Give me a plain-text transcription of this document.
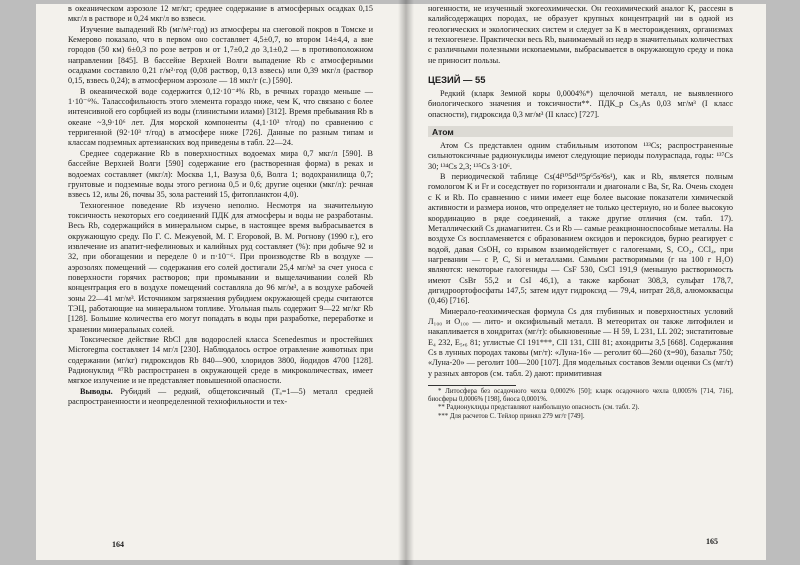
в океаническом аэрозоле 12 мг/кг; среднее содержание в атмосферных осадках 0,15 мкг/л в растворе и 0,24 мкг/л во взвеси.

Изучение выпадений Rb (мг/м²·год) из атмосферы на снеговой покров в Томске и Кемерово показало, что в первом оно составляет 4,5±0,7, во втором 14±4,4, а вне городов (50 км) 6±0,3 по розе ветров и от 1,7±0,2 до 3,1±0,2 — в противоположном направлении [845]. В бассейне Верхней Волги выпадение Rb с атмосферными осадками составило 0,21 г/м²·год (0,08 раствор, 0,13 взвесь) или 0,39 мкг/л (раствор 0,15, взвесь 0,24); в атмосферном аэрозоле — 18 мкг/г (с.) [590].

В океанической воде содержится 0,12·10⁻⁴% Rb, в речных гораздо меньше — 1·10⁻⁶%. Талассофильность этого элемента гораздо ниже, чем K, что связано с более интенсивной его сорбцией из воды (глинистыми илами) [312]. Время пребывания Rb в океане ~3,9·10⁶ лет. Для морской компоненты (4,1·10³ т/год) по сравнению с терригенной (92·10³ т/год) в атмосфере ниже [726]. Данные по разным типам и классам подземных артезианских вод приведены в табл. 22—24.

Среднее содержание Rb в поверхностных водоемах мира 0,7 мкг/л [590]. В бассейне Верхней Волги [590] содержание его (растворенная форма) в реках и водоемах составляет (мкг/л): Москва 1,1, Вазуза 0,6, Волга 1; водохранилища 0,7; грунтовые и подземные воды этого региона 0,5 и 0,6; другие оценки (мкг/л): речная взвесь 12, илы 26, почвы 35, зола растений 15, фитопланктон 4,0).

Техногенное поведение Rb изучено неполно. Несмотря на значительную токсичность некоторых его соединений ПДК для атмосферы и воды не разработаны. Весь Rb, содержащийся в минеральном сырье, в настоящее время выбрасывается в окружающую среду. По Г. С. Межуевой, М. Г. Егоровой, В. М. Рогнову (1990 г.), его извлечение из апатит-нефелиновых и калийных руд составляет (%): при добыче 92 и 32, при обогащении и переделе 0 и п·10⁻⁶. При производстве Rb в воздухе — аэрозолях помещений — содержания его солей достигали 25,4 мг/м³ за счет уноса с поверхности горячих растворов; при промывании и выщелачивании солей Rb концентрация его в воздухе помещений составляла до 96 мг/м³, а в воздухе рабочей зоны 22—41 мг/м³. Источником загрязнения рубидием окружающей среды считаются ТЭЦ, работающие на минеральном топливе. Угольная пыль содержит 9—22 мг/кг Rb [128]. Большие количества его могут попадать в воды при разработке, переработке и хранении минеральных солей.

Токсическое действие RbCl для водорослей класса Scenedesmus и простейших Microregma составляет 14 мг/л [230]. Наблюдалось острое отравление животных при содержании (мг/кг) гидроксидов Rb 840—900, хлоридов 3800, йодидов 4700 [128]. Радионуклид ⁸⁷Rb распространен в окружающей среде в микроколичествах, имеет мягкое излучение и не представляет повышенной опасности.

Выводы. Рубидий — редкий, общетоксичный (Tₐ=1—5) металл средней распространенности и неопределенной технофильности и тех-

164

ногенности, не изученный экогеохимически. Он геохимический аналог K, рассеян в калийсодержащих породах, не образует крупных концентраций ни в одной из геологических и экологических систем и следует за K в месторождениях, организмах и техногенезе. Практически весь Rb, вынимаемый из недр в значительных количествах с различными полезными ископаемыми, выбрасывается в окружающую среду и пока не приносит пользы.

ЦЕЗИЙ — 55

Редкий (кларк Земной коры 0,0004%*) щелочной металл, не выявленного биологического значения и токсичности**. ПДК_р Cs₃As 0,03 мг/м³ (I класс опасности), гидроксида 0,3 мг/м³ (II класс) [727].

Атом

Атом Cs представлен одним стабильным изотопом ¹³³Cs; распространенные сильнотоксичные радионуклиды имеют следующие периоды полураспада, годы: ¹³⁷Cs 30; ¹³⁴Cs 2,3; ¹³⁵Cs 3·10⁶.

В периодической таблице Cs(4f¹⁰5d¹⁰5p⁶5s²6s¹), как и Rb, является полным гомологом K и Fr и соседствует по горизонтали и диагонали с Ba, Sr, Ra. Очень сходен с K и Rb. По сравнению с ними имеет еще более высокие показатели химической активности и размера ионов, что определяет не только цестерную, но и более высокую координацию в ряде соединений, а также другие отличия (см. табл. 17). Металлический Cs диамагнитен. Cs и Rb — самые реакционноспособные металлы. На воздухе Cs воспламеняется с образованием оксидов и пероксидов, бурно реагирует с водой, давая CsOH, со взрывом взаимодействует с галогенами, S, CO₂, CCl₄, при нагревании — с P, C, Si и металлами. Самыми растворимыми (г на 100 г H₂O) являются: некоторые галогениды — CsF 530, CsCl 191,9 (меньшую растворимость имеют CsBr 55,2 и CsI 46,1), а также карбонат 308,3, сульфат 178,7, дигидроортофосфаты 147,5; затем идут гидроксид — 79,4, нитрат 28,8, алюмоквасцы (0,46) [716].

Минерало-геохимическая формула Cs для глубинных и поверхностных условий Л₁₀₀ и О₁₀₀ — лито- и оксифильный металл. В метеоритах он также литофилен и накапливается в хондритах (мг/т): обыкновенные — H 59, L 231, LL 202; энстатитовые E₄ 232, E₅,₆ 81; углистые CI 191***, CII 131, CIII 81; ахондриты 3,5 [668]. Содержания Cs в лунных породах таковы (мг/т): «Луна-16» — реголит 60—260 (x̄=90), базальт 750; «Луна-20» — реголит 100—200 [107]. Для модельных составов Земли оценки Cs (мг/т) у разных авторов (см. табл. 2) дают: примитивная

* Литосфера без осадочного чехла 0,0002% [50]; кларк осадочного чехла 0,0005% [714, 716], биосферы 0,0006% [198], биоса 0,0001%.

** Радионуклиды представляют наибольшую опасность (см. табл. 2).

*** Для расчетов С. Тейлор принял 279 мг/т [749].

165
